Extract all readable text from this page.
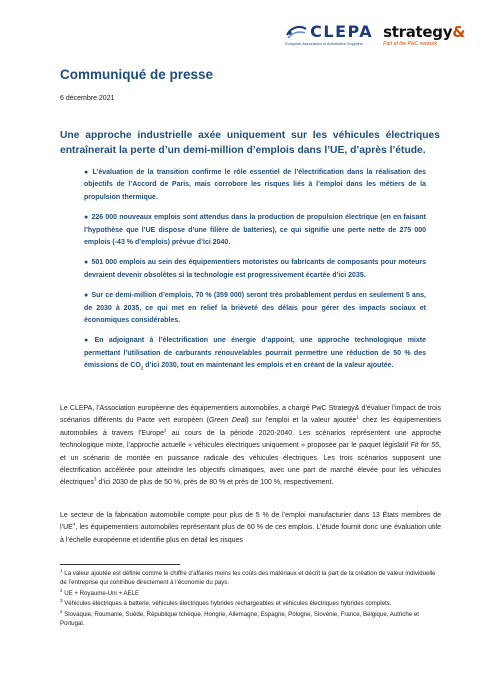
CLEPA
European Association of Automotive Suppliers
strategy&
Part of the PwC network
Communiqué de presse

6 décembre 2021

Une approche industrielle axée uniquement sur les véhicules électriques entraînerait la perte d’un demi-million d’emplois dans l’UE, d’après l’étude.

● L’évaluation de la transition confirme le rôle essentiel de l’électrification dans la réalisation des objectifs de l’Accord de Paris, mais corrobore les risques liés à l’emploi dans les métiers de la propulsion thermique.
● 226 000 nouveaux emplois sont attendus dans la production de propulsion électrique (en en faisant l’hypothèse que l’UE dispose d’une filière de batteries), ce qui signifie une perte nette de 275 000 emplois (-43 % d’emplois) prévue d’ici 2040.
● 501 000 emplois au sein des équipementiers motoristes ou fabricants de composants pour moteurs devraient devenir obsolètes si la technologie est progressivement écartée d’ici 2035.
● Sur ce demi-million d’emplois, 70 % (359 000) seront très probablement perdus en seulement 5 ans, de 2030 à 2035, ce qui met en relief la brièveté des délais pour gérer des impacts sociaux et économiques considérables.
● En adjoignant à l’électrification une énergie d’appoint, une approche technologique mixte permettant l’utilisation de carburants renouvelables pourrait permettre une réduction de 50 % des émissions de $CO_2$ d’ici 2030, tout en maintenant les emplois et en créant de la valeur ajoutée.

Le CLEPA, l’Association européenne des équipementiers automobiles, a chargé PwC Strategy& d’évaluer l’impact de trois scénarios différents du Pacte vert européen (Green Deal) sur l’emploi et la valeur ajoutée$^1$ chez les équipementiers automobiles à travers l’Europe$^2$ au cours de la période 2020-2040. Les scénarios représentent une approche technologique mixte, l’approche actuelle « véhicules électriques uniquement » proposée par le paquet législatif Fit for 55, et un scénario de montée en puissance radicale des véhicules électriques. Les trois scénarios supposent une électrification accélérée pour atteindre les objectifs climatiques, avec une part de marché élevée pour les véhicules électriques$^3$ d’ici 2030 de plus de 50 %, près de 80 % et près de 100 %, respectivement.

Le secteur de la fabrication automobile compte pour plus de 5 % de l’emploi manufacturier dans 13 États membres de $l’UE^4$, les équipementiers automobiles représentant plus de 60 % de ces emplois. L’étude fournit donc une évaluation utile à l’échelle européenne et identifie plus en détail les risques

$^1$ La valeur ajoutée est définie comme le chiffre d’affaires moins les coûts des matériaux et décrit la part de la création de valeur individuelle de l’entreprise qui contribue directement à l’économie du pays.
$^2$ UE + Royaume-Uni + AELE
$^3$ Véhicules électriques à batterie, véhicules électriques hybrides rechargeables et véhicules électriques hybrides complets.
$^4$ Slovaquie, Roumanie, Suède, République tchèque, Hongrie, Allemagne, Espagne, Pologne, Slovénie, France, Belgique, Autriche et Portugal.
